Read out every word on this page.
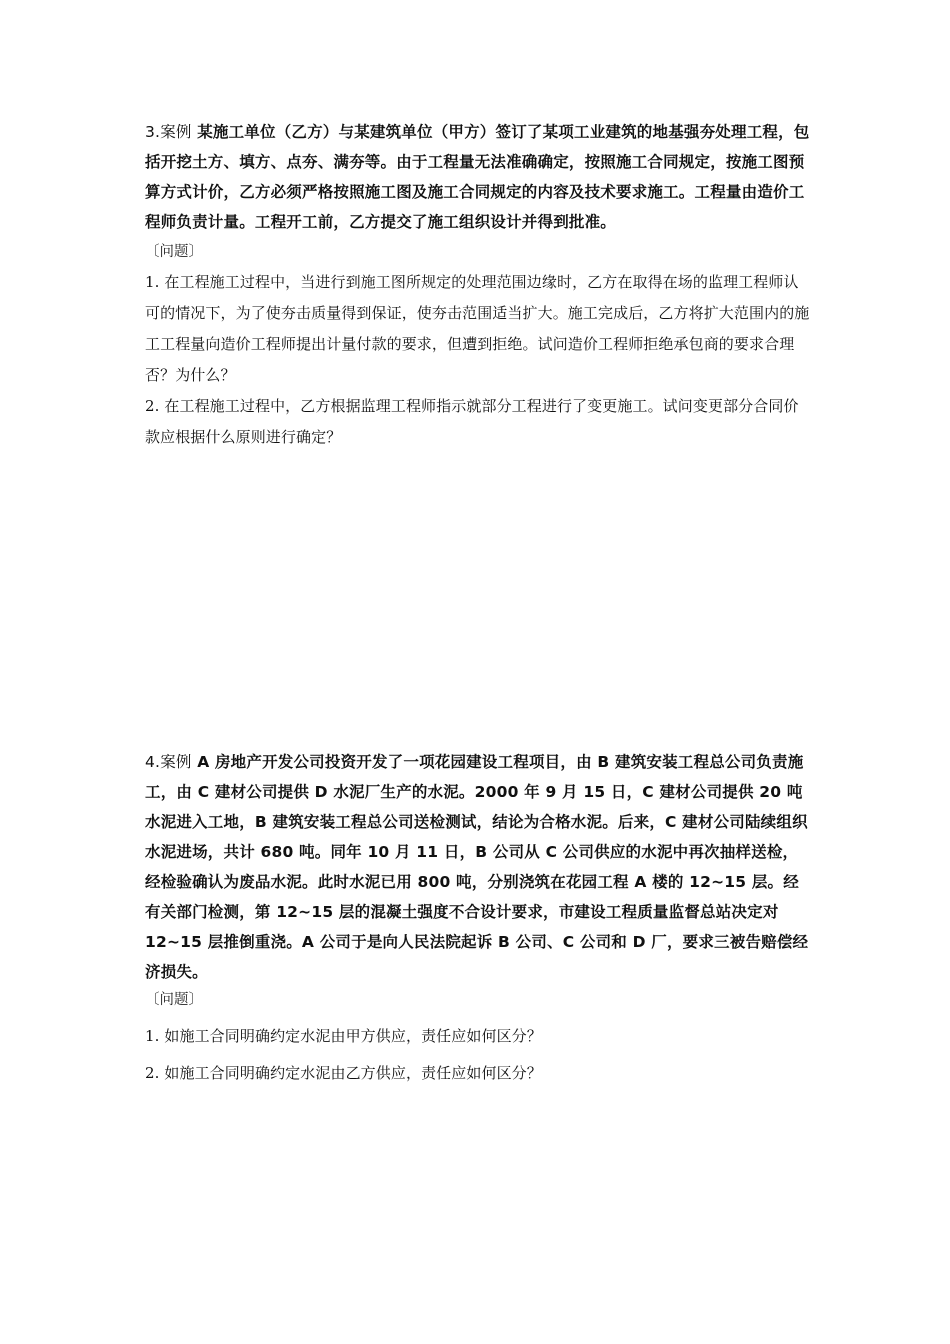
3.案例 某施工单位（乙方）与某建筑单位（甲方）签订了某项工业建筑的地基强夯处理工程，包括开挖土方、填方、点夯、满夯等。由于工程量无法准确确定，按照施工合同规定，按施工图预算方式计价，乙方必须严格按照施工图及施工合同规定的内容及技术要求施工。工程量由造价工程师负责计量。工程开工前，乙方提交了施工组织设计并得到批准。

〔问题〕

1. 在工程施工过程中，当进行到施工图所规定的处理范围边缘时，乙方在取得在场的监理工程师认可的情况下，为了使夯击质量得到保证，使夯击范围适当扩大。施工完成后，乙方将扩大范围内的施工工程量向造价工程师提出计量付款的要求，但遭到拒绝。试问造价工程师拒绝承包商的要求合理否？为什么？

2. 在工程施工过程中，乙方根据监理工程师指示就部分工程进行了变更施工。试问变更部分合同价款应根据什么原则进行确定？

4.案例 A 房地产开发公司投资开发了一项花园建设工程项目，由 B 建筑安装工程总公司负责施工，由 C 建材公司提供 D 水泥厂生产的水泥。2000 年 9 月 15 日，C 建材公司提供 20 吨水泥进入工地，B 建筑安装工程总公司送检测试，结论为合格水泥。后来，C 建材公司陆续组织水泥进场，共计 680 吨。同年 10 月 11 日，B 公司从 C 公司供应的水泥中再次抽样送检，经检验确认为废品水泥。此时水泥已用 800 吨，分别浇筑在花园工程 A 楼的 12~15 层。经有关部门检测，第 12~15 层的混凝土强度不合设计要求，市建设工程质量监督总站决定对 12~15 层推倒重浇。A 公司于是向人民法院起诉 B 公司、C 公司和 D 厂，要求三被告赔偿经济损失。

〔问题〕

1. 如施工合同明确约定水泥由甲方供应，责任应如何区分？

2. 如施工合同明确约定水泥由乙方供应，责任应如何区分？
